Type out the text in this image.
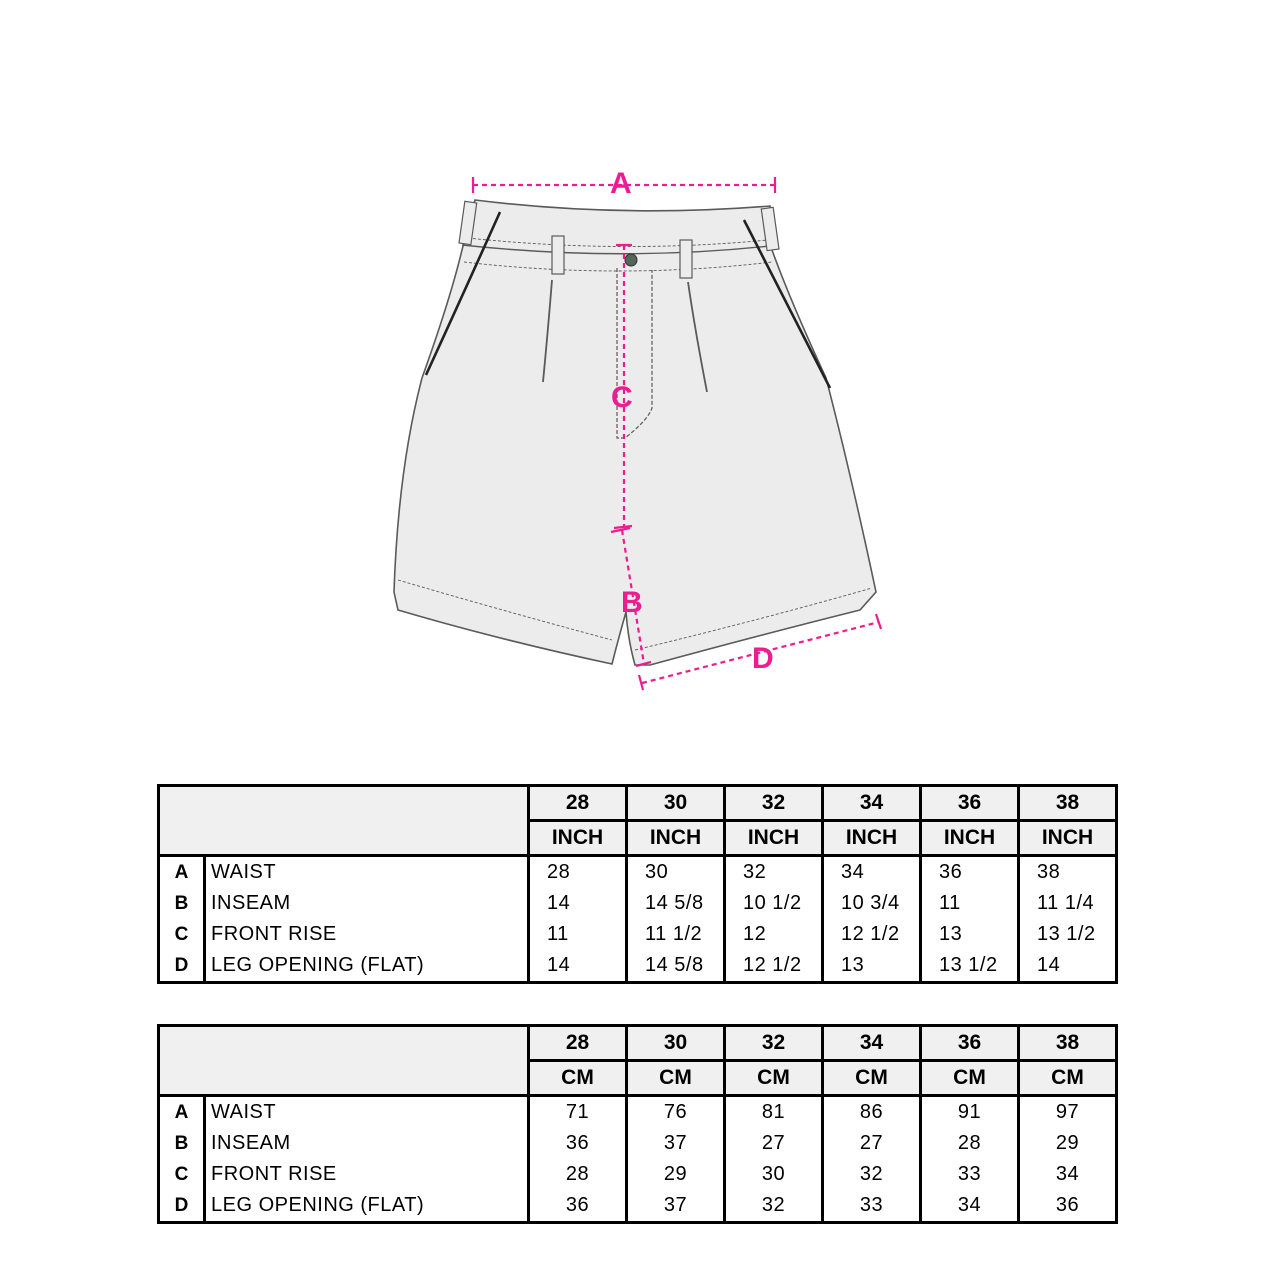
A
C
B
D
		28	30	32	34	36	38
		INCH	INCH	INCH	INCH	INCH	INCH
A	WAIST	28	30	32	34	36	38
B	INSEAM	14	14 5/8	10 1/2	10 3/4	11	11 1/4
C	FRONT RISE	11	11 1/2	12	12 1/2	13	13 1/2
D	LEG OPENING (FLAT)	14	14 5/8	12 1/2	13	13 1/2	14
		28	30	32	34	36	38
		CM	CM	CM	CM	CM	CM
A	WAIST	71	76	81	86	91	97
B	INSEAM	36	37	27	27	28	29
C	FRONT RISE	28	29	30	32	33	34
D	LEG OPENING (FLAT)	36	37	32	33	34	36
